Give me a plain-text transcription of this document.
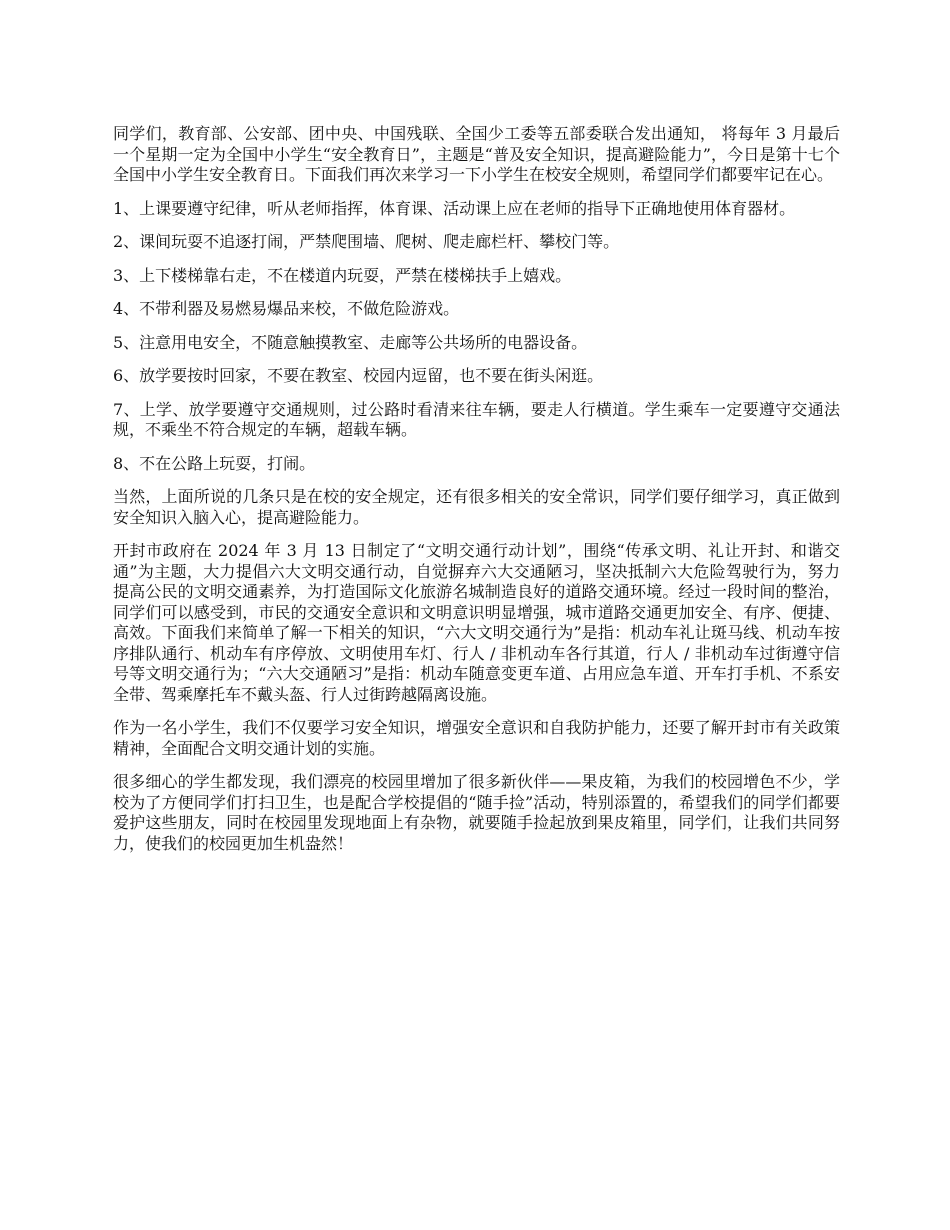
同学们，教育部、公安部、团中央、中国残联、全国少工委等五部委联合发出通知， 将每年 3 月最后一个星期一定为全国中小学生“安全教育日”，主题是“普及安全知识，提高避险能力”，今日是第十七个全国中小学生安全教育日。下面我们再次来学习一下小学生在校安全规则，希望同学们都要牢记在心。

1、上课要遵守纪律，听从老师指挥，体育课、活动课上应在老师的指导下正确地使用体育器材。

2、课间玩耍不追逐打闹，严禁爬围墙、爬树、爬走廊栏杆、攀校门等。

3、上下楼梯靠右走，不在楼道内玩耍，严禁在楼梯扶手上嬉戏。

4、不带利器及易燃易爆品来校，不做危险游戏。

5、注意用电安全，不随意触摸教室、走廊等公共场所的电器设备。

6、放学要按时回家，不要在教室、校园内逗留，也不要在街头闲逛。

7、上学、放学要遵守交通规则，过公路时看清来往车辆，要走人行横道。学生乘车一定要遵守交通法规，不乘坐不符合规定的车辆，超载车辆。

8、不在公路上玩耍，打闹。

当然，上面所说的几条只是在校的安全规定，还有很多相关的安全常识，同学们要仔细学习，真正做到安全知识入脑入心，提高避险能力。

开封市政府在 2024 年 3 月 13 日制定了“文明交通行动计划”，围绕“传承文明、礼让开封、和谐交通”为主题，大力提倡六大文明交通行动，自觉摒弃六大交通陋习，坚决抵制六大危险驾驶行为，努力提高公民的文明交通素养，为打造国际文化旅游名城制造良好的道路交通环境。经过一段时间的整治，同学们可以感受到，市民的交通安全意识和文明意识明显增强，城市道路交通更加安全、有序、便捷、高效。下面我们来简单了解一下相关的知识，“六大文明交通行为”是指：机动车礼让斑马线、机动车按序排队通行、机动车有序停放、文明使用车灯、行人 / 非机动车各行其道，行人 / 非机动车过街遵守信号等文明交通行为；“六大交通陋习”是指：机动车随意变更车道、占用应急车道、开车打手机、不系安全带、驾乘摩托车不戴头盔、行人过街跨越隔离设施。

作为一名小学生，我们不仅要学习安全知识，增强安全意识和自我防护能力，还要了解开封市有关政策精神，全面配合文明交通计划的实施。

很多细心的学生都发现，我们漂亮的校园里增加了很多新伙伴——果皮箱，为我们的校园增色不少，学校为了方便同学们打扫卫生，也是配合学校提倡的“随手捡”活动，特别添置的，希望我们的同学们都要爱护这些朋友，同时在校园里发现地面上有杂物，就要随手捡起放到果皮箱里，同学们，让我们共同努力，使我们的校园更加生机盎然！
